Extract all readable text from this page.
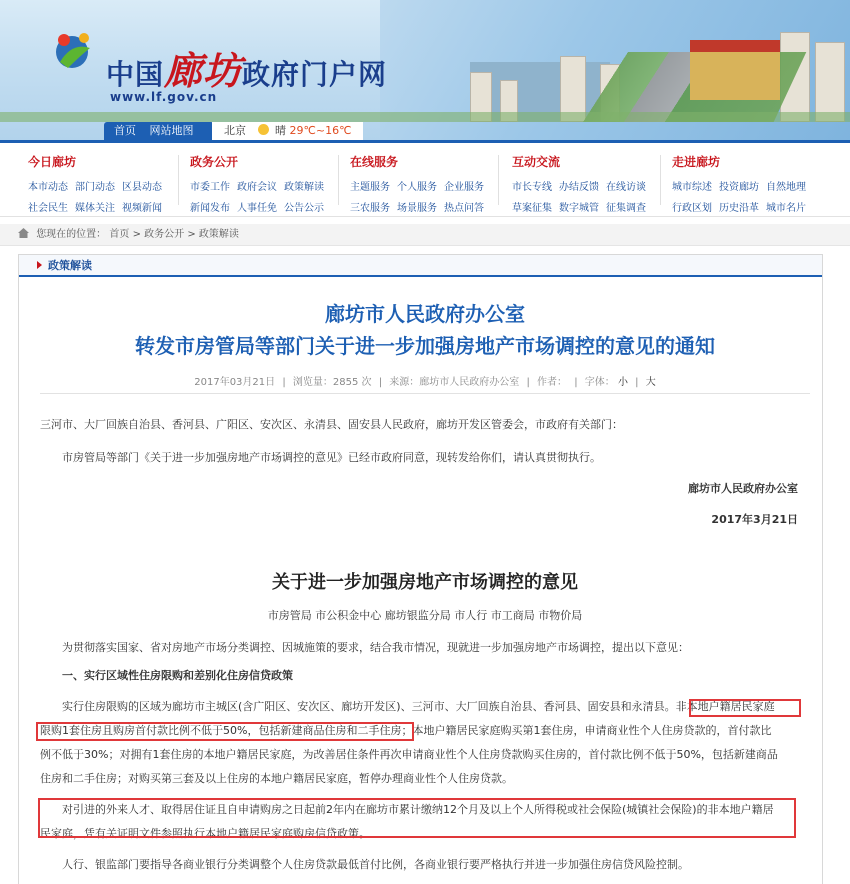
中国廊坊政府门户网
www.lf.gov.cn
首页 网站地图	北京	晴 29℃~16℃
今日廊坊
本市动态 部门动态 区县动态
社会民生 媒体关注 视频新闻
政务公开
市委工作 政府会议 政策解读
新闻发布 人事任免 公告公示
在线服务
主题服务 个人服务 企业服务
三农服务 场景服务 热点问答
互动交流
市长专线 办结反馈 在线访谈
草案征集 数字城管 征集调查
走进廊坊
城市综述 投资廊坊 自然地理
行政区划 历史沿革 城市名片
您现在的位置： 首页 > 政务公开 > 政策解读
政策解读
廊坊市人民政府办公室
转发市房管局等部门关于进一步加强房地产市场调控的意见的通知
2017年03月21日 | 浏览量：2855 次 | 来源：廊坊市人民政府办公室 | 作者： | 字体： 小 | 大
三河市、大厂回族自治县、香河县、广阳区、安次区、永清县、固安县人民政府，廊坊开发区管委会，市政府有关部门：
市房管局等部门《关于进一步加强房地产市场调控的意见》已经市政府同意，现转发给你们，请认真贯彻执行。
廊坊市人民政府办公室
2017年3月21日
关于进一步加强房地产市场调控的意见
市房管局 市公积金中心 廊坊银监分局 市人行 市工商局 市物价局
为贯彻落实国家、省对房地产市场分类调控、因城施策的要求，结合我市情况，现就进一步加强房地产市场调控，提出以下意见：
一、实行区域性住房限购和差别化住房信贷政策
实行住房限购的区域为廊坊市主城区(含广阳区、安次区、廊坊开发区)、三河市、大厂回族自治县、香河县、固安县和永清县。非本地户籍居民家庭
限购1套住房且购房首付款比例不低于50%，包括新建商品住房和二手住房；本地户籍居民家庭购买第1套住房，申请商业性个人住房贷款的，首付款比
例不低于30%；对拥有1套住房的本地户籍居民家庭，为改善居住条件再次申请商业性个人住房贷款购买住房的，首付款比例不低于50%，包括新建商品
住房和二手住房；对购买第三套及以上住房的本地户籍居民家庭，暂停办理商业性个人住房贷款。
对引进的外来人才、取得居住证且自申请购房之日起前2年内在廊坊市累计缴纳12个月及以上个人所得税或社会保险(城镇社会保险)的非本地户籍居
民家庭，凭有关证明文件参照执行本地户籍居民家庭购房信贷政策。
人行、银监部门要指导各商业银行分类调整个人住房贷款最低首付比例，各商业银行要严格执行并进一步加强住房信贷风险控制。
